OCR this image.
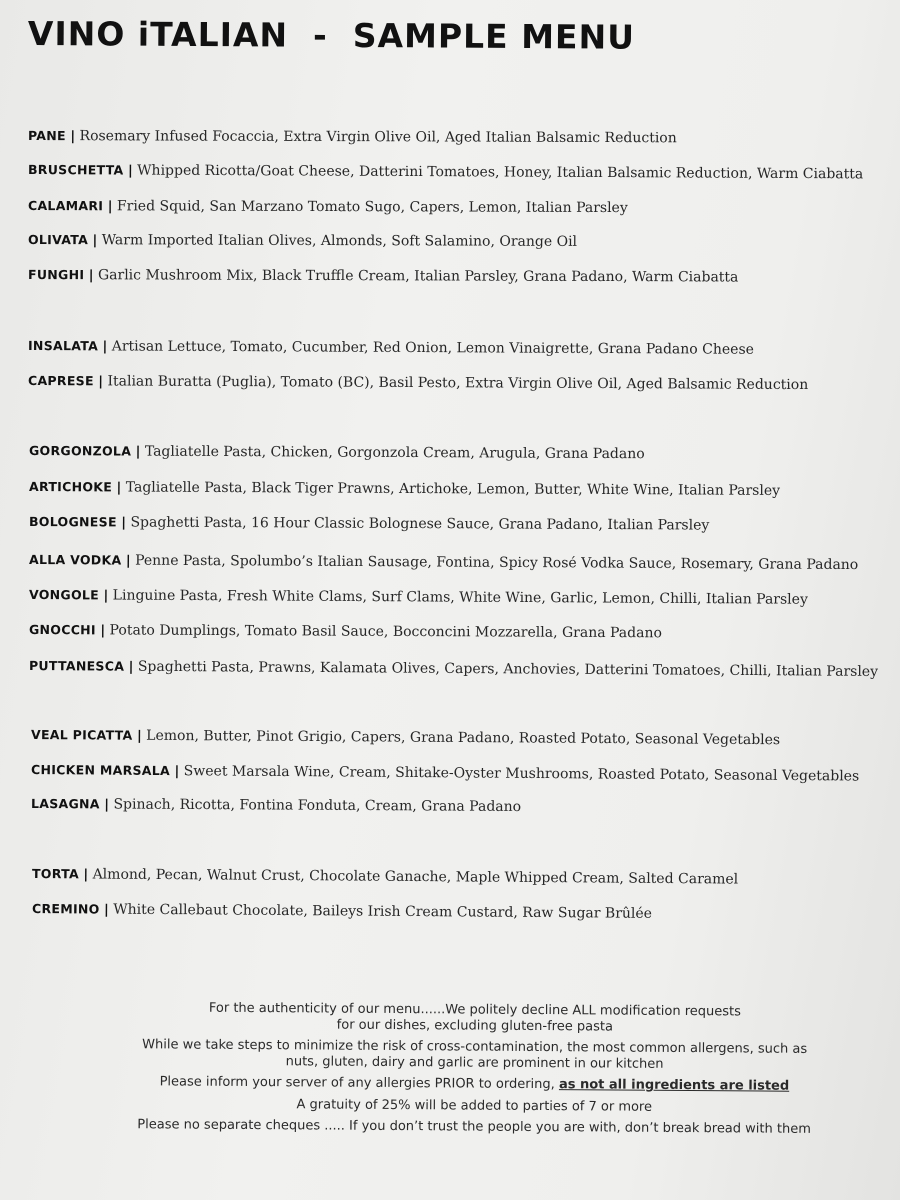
VINO iTALIAN  -  SAMPLE MENU
PANE | Rosemary Infused Focaccia, Extra Virgin Olive Oil, Aged Italian Balsamic Reduction
BRUSCHETTA | Whipped Ricotta/Goat Cheese, Datterini Tomatoes, Honey, Italian Balsamic Reduction, Warm Ciabatta
CALAMARI | Fried Squid, San Marzano Tomato Sugo, Capers, Lemon, Italian Parsley
OLIVATA | Warm Imported Italian Olives, Almonds, Soft Salamino, Orange Oil
FUNGHI | Garlic Mushroom Mix, Black Truffle Cream, Italian Parsley, Grana Padano, Warm Ciabatta
INSALATA | Artisan Lettuce, Tomato, Cucumber, Red Onion, Lemon Vinaigrette, Grana Padano Cheese
CAPRESE | Italian Buratta (Puglia), Tomato (BC), Basil Pesto, Extra Virgin Olive Oil, Aged Balsamic Reduction
GORGONZOLA | Tagliatelle Pasta, Chicken, Gorgonzola Cream, Arugula, Grana Padano
ARTICHOKE | Tagliatelle Pasta, Black Tiger Prawns, Artichoke, Lemon, Butter, White Wine, Italian Parsley
BOLOGNESE | Spaghetti Pasta, 16 Hour Classic Bolognese Sauce, Grana Padano, Italian Parsley
ALLA VODKA | Penne Pasta, Spolumbo’s Italian Sausage, Fontina, Spicy Rosé Vodka Sauce, Rosemary, Grana Padano
VONGOLE | Linguine Pasta, Fresh White Clams, Surf Clams, White Wine, Garlic, Lemon, Chilli, Italian Parsley
GNOCCHI | Potato Dumplings, Tomato Basil Sauce, Bocconcini Mozzarella, Grana Padano
PUTTANESCA | Spaghetti Pasta, Prawns, Kalamata Olives, Capers, Anchovies, Datterini Tomatoes, Chilli, Italian Parsley
VEAL PICATTA | Lemon, Butter, Pinot Grigio, Capers, Grana Padano, Roasted Potato, Seasonal Vegetables
CHICKEN MARSALA | Sweet Marsala Wine, Cream, Shitake-Oyster Mushrooms, Roasted Potato, Seasonal Vegetables
LASAGNA | Spinach, Ricotta, Fontina Fonduta, Cream, Grana Padano
TORTA | Almond, Pecan, Walnut Crust, Chocolate Ganache, Maple Whipped Cream, Salted Caramel
CREMINO | White Callebaut Chocolate, Baileys Irish Cream Custard, Raw Sugar Brûlée

For the authenticity of our menu......We politely decline ALL modification requests
for our dishes, excluding gluten-free pasta

While we take steps to minimize the risk of cross-contamination, the most common allergens, such as
nuts, gluten, dairy and garlic are prominent in our kitchen

Please inform your server of any allergies PRIOR to ordering, as not all ingredients are listed

A gratuity of 25% will be added to parties of 7 or more

Please no separate cheques ..... If you don’t trust the people you are with, don’t break bread with them
